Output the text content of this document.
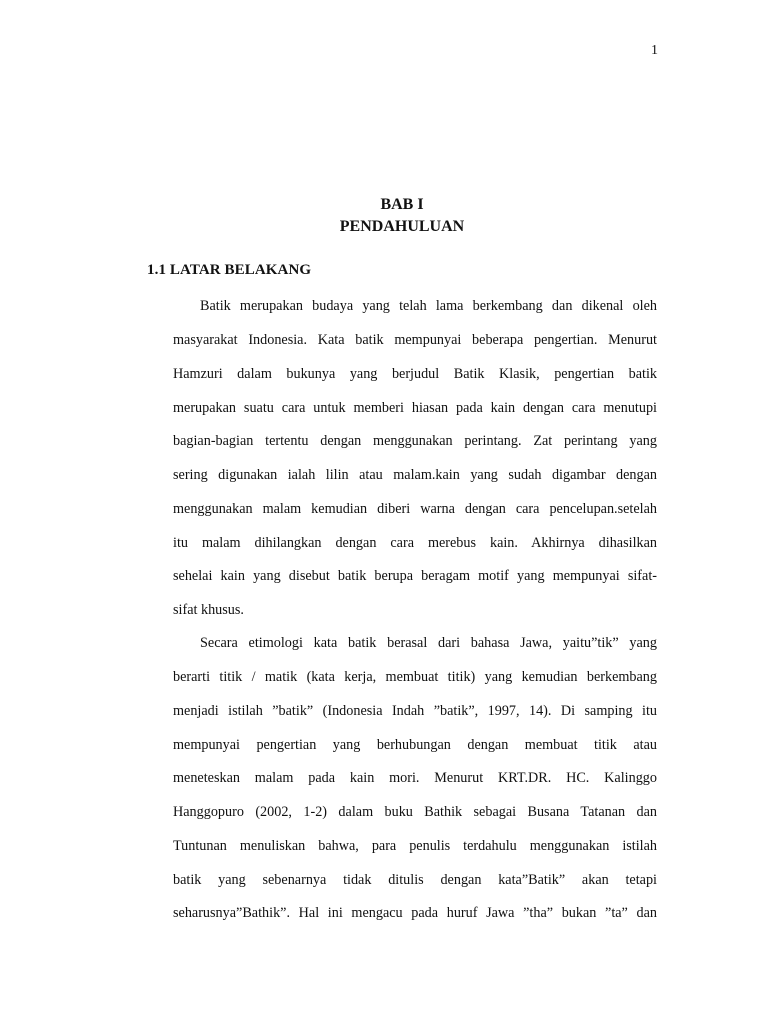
1
BAB I
PENDAHULUAN
1.1 LATAR BELAKANG
Batik merupakan budaya yang telah lama berkembang dan dikenal oleh
masyarakat Indonesia. Kata batik mempunyai beberapa pengertian. Menurut
Hamzuri dalam bukunya yang berjudul Batik Klasik, pengertian batik
merupakan suatu cara untuk memberi hiasan pada kain dengan cara menutupi
bagian-bagian tertentu dengan menggunakan perintang. Zat perintang yang
sering digunakan ialah lilin atau malam.kain yang sudah digambar dengan
menggunakan malam kemudian diberi warna dengan cara pencelupan.setelah
itu malam dihilangkan dengan cara merebus kain. Akhirnya dihasilkan
sehelai kain yang disebut batik berupa beragam motif yang mempunyai sifat-
sifat khusus.
Secara etimologi kata batik berasal dari bahasa Jawa, yaitu”tik” yang
berarti titik / matik (kata kerja, membuat titik) yang kemudian berkembang
menjadi istilah ”batik” (Indonesia Indah ”batik”, 1997, 14). Di samping itu
mempunyai pengertian yang berhubungan dengan membuat titik atau
meneteskan malam pada kain mori. Menurut KRT.DR. HC. Kalinggo
Hanggopuro (2002, 1-2) dalam buku Bathik sebagai Busana Tatanan dan
Tuntunan menuliskan bahwa, para penulis terdahulu menggunakan istilah
batik yang sebenarnya tidak ditulis dengan kata”Batik” akan tetapi
seharusnya”Bathik”. Hal ini mengacu pada huruf Jawa ”tha” bukan ”ta” dan
